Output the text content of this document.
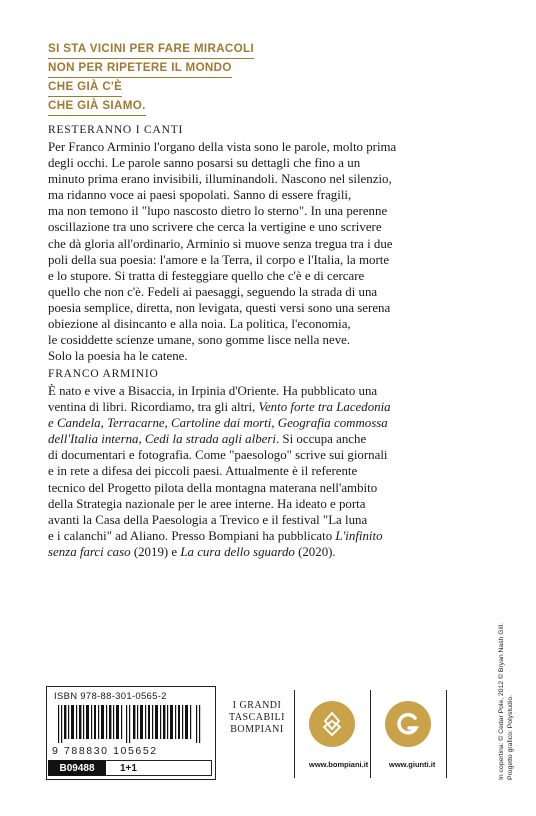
SI STA VICINI PER FARE MIRACOLI
NON PER RIPETERE IL MONDO
CHE GIÀ C'È
CHE GIÀ SIAMO.
RESTERANNO I CANTI
Per Franco Arminio l'organo della vista sono le parole, molto prima
degli occhi. Le parole sanno posarsi su dettagli che fino a un
minuto prima erano invisibili, illuminandoli. Nascono nel silenzio,
ma ridanno voce ai paesi spopolati. Sanno di essere fragili,
ma non temono il "lupo nascosto dietro lo sterno". In una perenne
oscillazione tra uno scrivere che cerca la vertigine e uno scrivere
che dà gloria all'ordinario, Arminio si muove senza tregua tra i due
poli della sua poesia: l'amore e la Terra, il corpo e l'Italia, la morte
e lo stupore. Si tratta di festeggiare quello che c'è e di cercare
quello che non c'è. Fedeli ai paesaggi, seguendo la strada di una
poesia semplice, diretta, non levigata, questi versi sono una serena
obiezione al disincanto e alla noia. La politica, l'economia,
le cosiddette scienze umane, sono gomme lisce nella neve.
Solo la poesia ha le catene.
FRANCO ARMINIO
È nato e vive a Bisaccia, in Irpinia d'Oriente. Ha pubblicato una
ventina di libri. Ricordiamo, tra gli altri, Vento forte tra Lacedonia
e Candela, Terracarne, Cartoline dai morti, Geografia commossa
dell'Italia interna, Cedi la strada agli alberi. Si occupa anche
di documentari e fotografia. Come "paesologo" scrive sui giornali
e in rete a difesa dei piccoli paesi. Attualmente è il referente
tecnico del Progetto pilota della montagna materana nell'ambito
della Strategia nazionale per le aree interne. Ha ideato e porta
avanti la Casa della Paesologia a Trevico e il festival "La luna
e i calanchi" ad Aliano. Presso Bompiani ha pubblicato L'infinito
senza farci caso (2019) e La cura dello sguardo (2020).
ISBN 978-88-301-0565-2
9 788830 105652
B09488	1+1
I GRANDI
TASCABILI
BOMPIANI
www.bompiani.it	www.giunti.it	In copertina: © Cedar Pole, 2012 © Bryan Nash Gill. Progetto grafico: Polystudio.
